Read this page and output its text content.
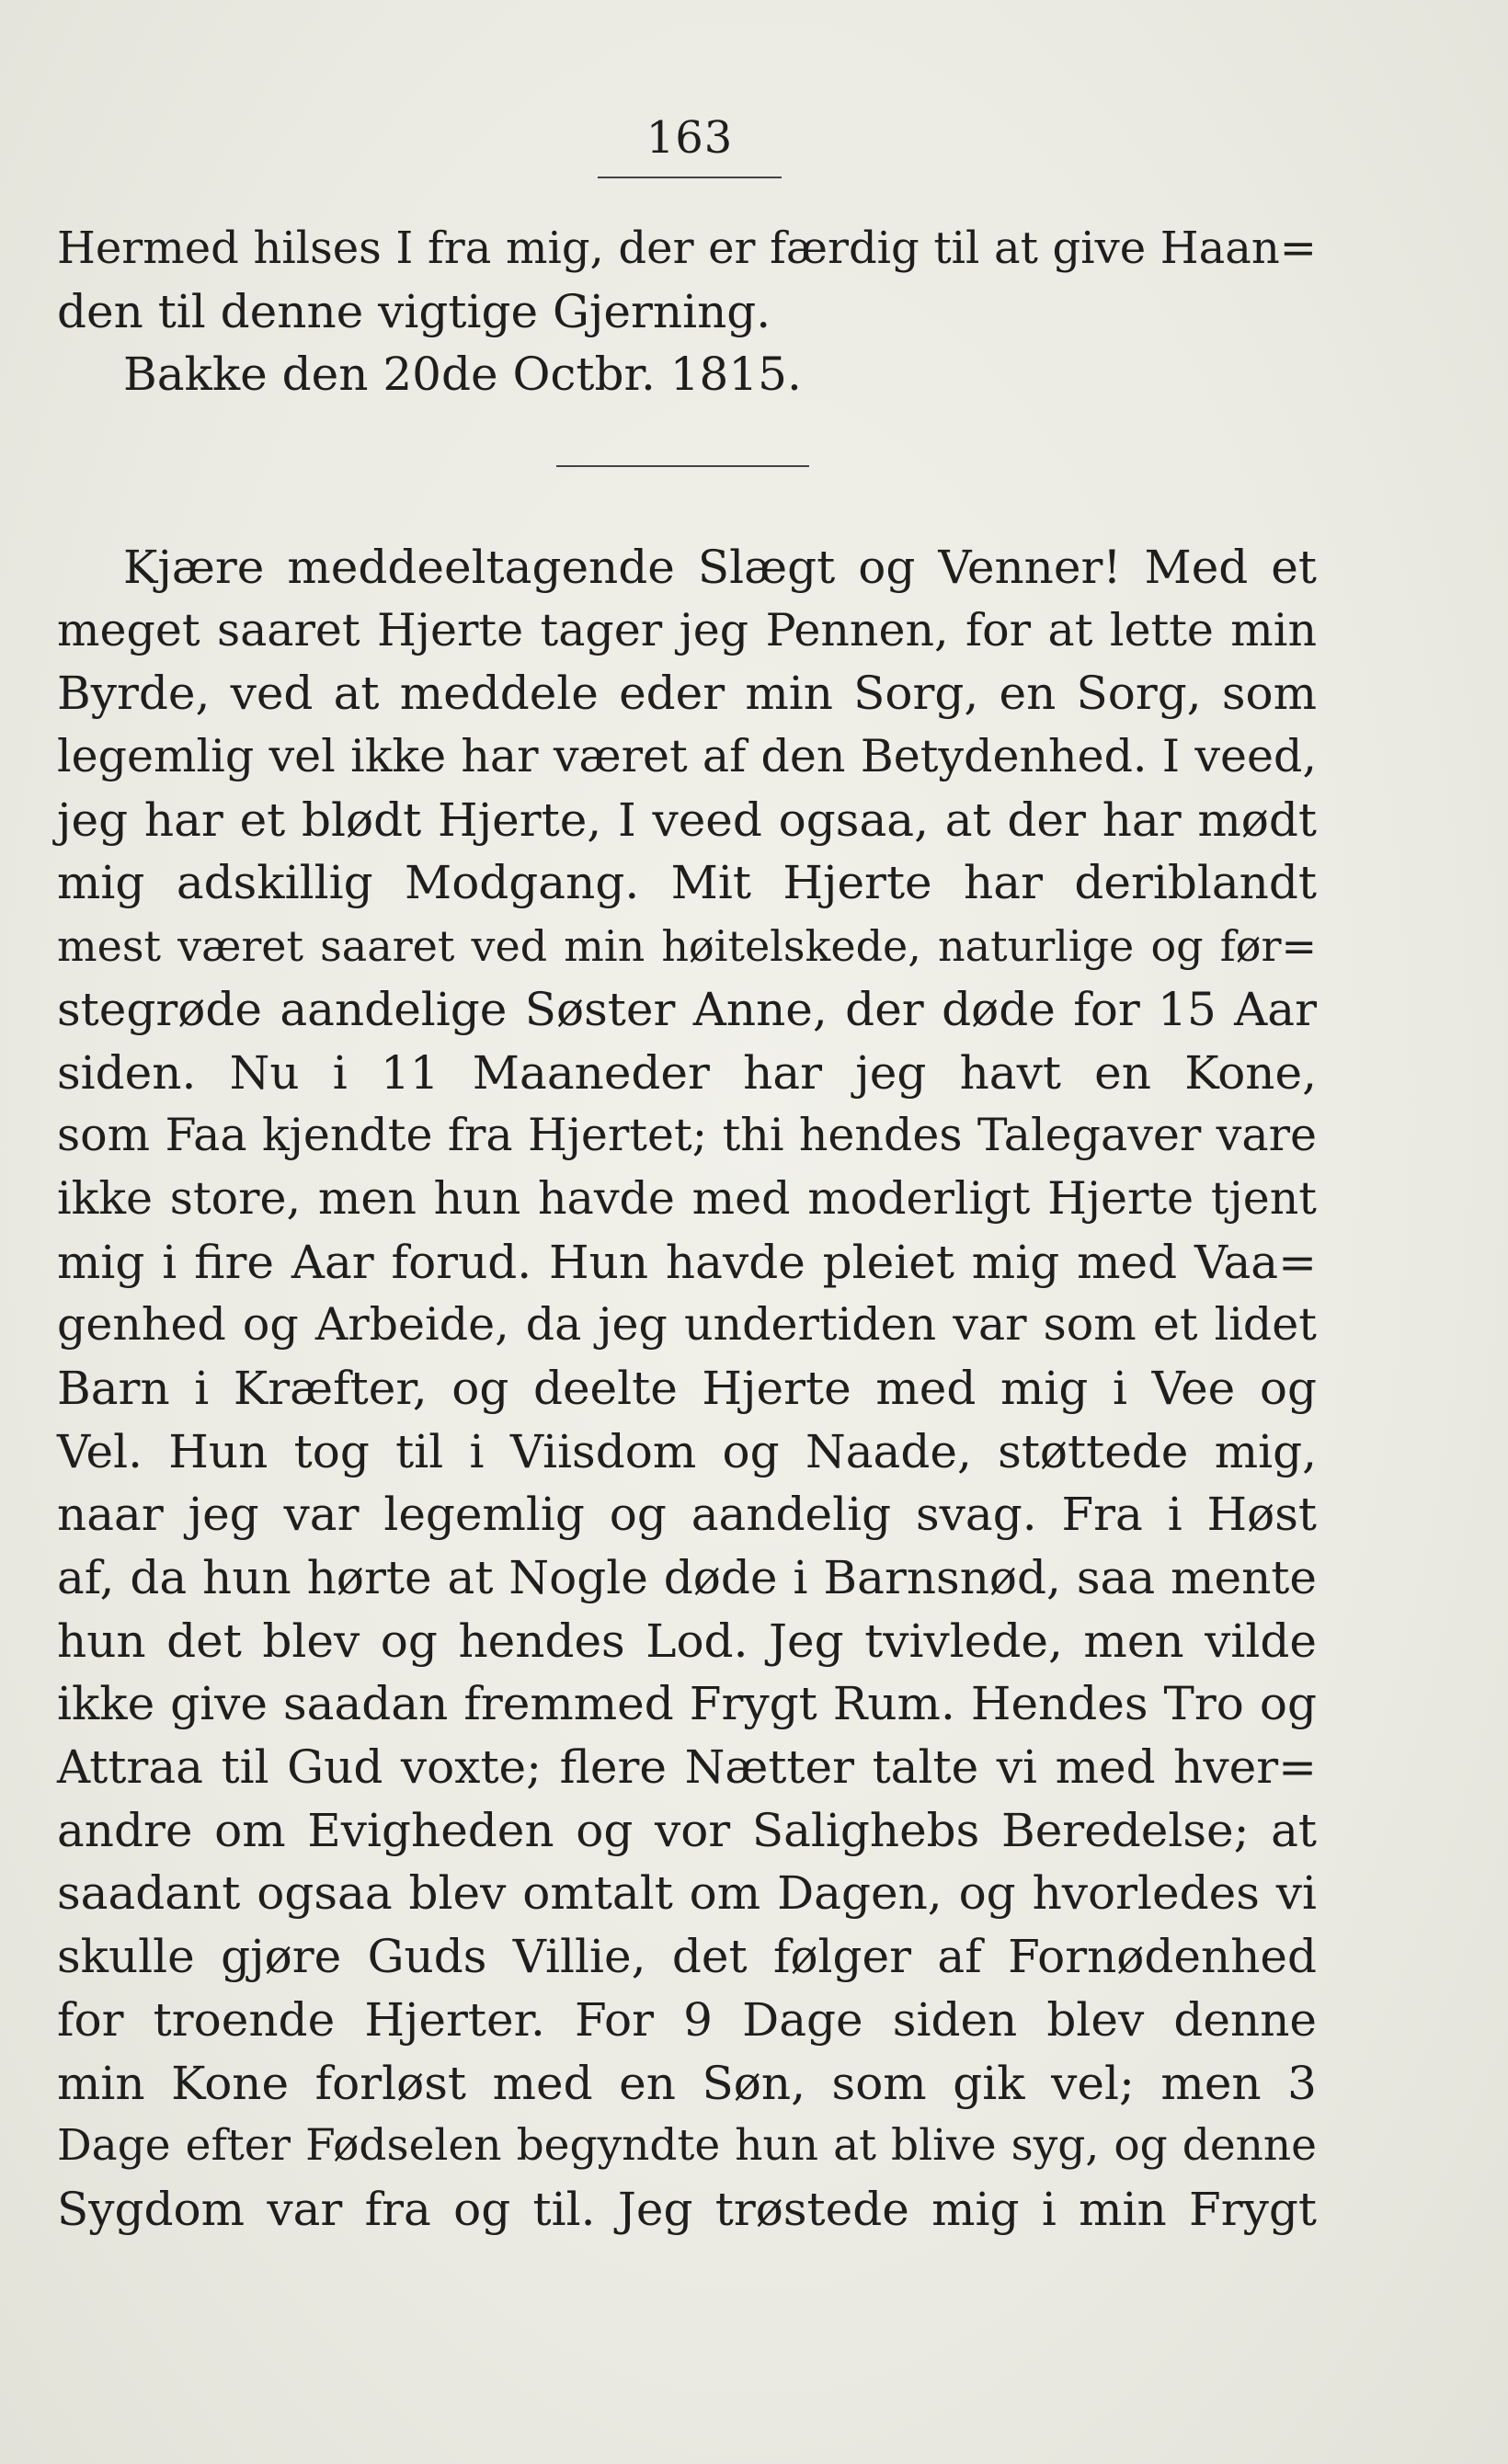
163
Hermed hilses I fra mig, der er færdig til at give Haan=
den til denne vigtige Gjerning.
Bakke den 20de Octbr. 1815.
Kjære meddeeltagende Slægt og Venner! Med et
meget saaret Hjerte tager jeg Pennen, for at lette min
Byrde, ved at meddele eder min Sorg, en Sorg, som
legemlig vel ikke har været af den Betydenhed. I veed,
jeg har et blødt Hjerte, I veed ogsaa, at der har mødt
mig adskillig Modgang. Mit Hjerte har deriblandt
mest været saaret ved min høitelskede, naturlige og før=
stegrøde aandelige Søster Anne, der døde for 15 Aar
siden. Nu i 11 Maaneder har jeg havt en Kone,
som Faa kjendte fra Hjertet; thi hendes Talegaver vare
ikke store, men hun havde med moderligt Hjerte tjent
mig i fire Aar forud. Hun havde pleiet mig med Vaa=
genhed og Arbeide, da jeg undertiden var som et lidet
Barn i Kræfter, og deelte Hjerte med mig i Vee og
Vel. Hun tog til i Viisdom og Naade, støttede mig,
naar jeg var legemlig og aandelig svag. Fra i Høst
af, da hun hørte at Nogle døde i Barnsnød, saa mente
hun det blev og hendes Lod. Jeg tvivlede, men vilde
ikke give saadan fremmed Frygt Rum. Hendes Tro og
Attraa til Gud voxte; flere Nætter talte vi med hver=
andre om Evigheden og vor Salighebs Beredelse; at
saadant ogsaa blev omtalt om Dagen, og hvorledes vi
skulle gjøre Guds Villie, det følger af Fornødenhed
for troende Hjerter. For 9 Dage siden blev denne
min Kone forløst med en Søn, som gik vel; men 3
Dage efter Fødselen begyndte hun at blive syg, og denne
Sygdom var fra og til. Jeg trøstede mig i min Frygt
